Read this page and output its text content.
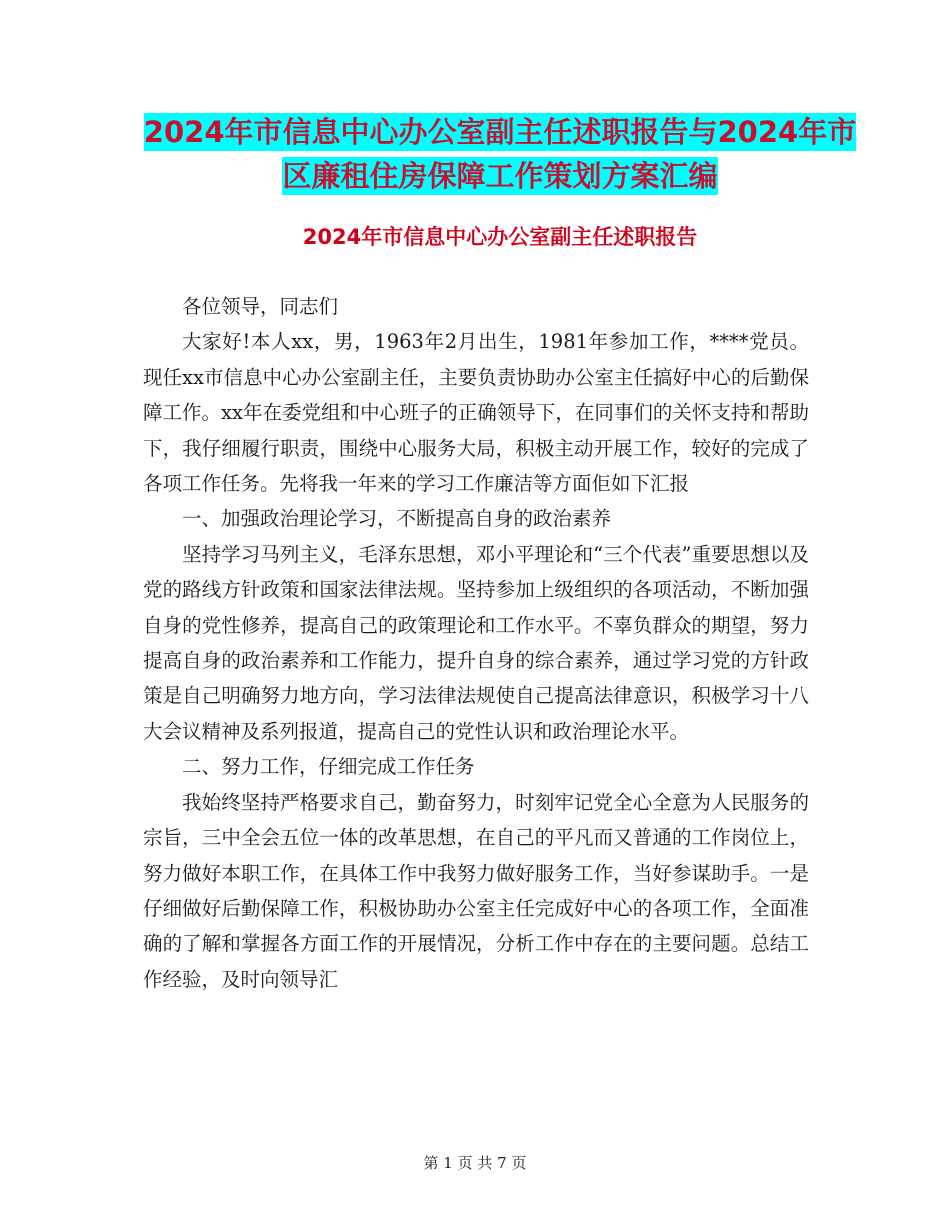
2024年市信息中心办公室副主任述职报告与2024年市
区廉租住房保障工作策划方案汇编
2024年市信息中心办公室副主任述职报告

各位领导，同志们

大家好!本人xx，男，1963年2月出生，1981年参加工作，****党员。现任xx市信息中心办公室副主任，主要负责协助办公室主任搞好中心的后勤保障工作。xx年在委党组和中心班子的正确领导下，在同事们的关怀支持和帮助下，我仔细履行职责，围绕中心服务大局，积极主动开展工作，较好的完成了各项工作任务。先将我一年来的学习工作廉洁等方面佢如下汇报

一、加强政治理论学习，不断提高自身的政治素养

坚持学习马列主义，毛泽东思想，邓小平理论和“三个代表”重要思想以及党的路线方针政策和国家法律法规。坚持参加上级组织的各项活动，不断加强自身的党性修养，提高自己的政策理论和工作水平。不辜负群众的期望，努力提高自身的政治素养和工作能力，提升自身的综合素养，通过学习党的方针政策是自己明确努力地方向，学习法律法规使自己提高法律意识，积极学习十八大会议精神及系列报道，提高自己的党性认识和政治理论水平。

二、努力工作，仔细完成工作任务

我始终坚持严格要求自己，勤奋努力，时刻牢记党全心全意为人民服务的宗旨，三中全会五位一体的改革思想，在自己的平凡而又普通的工作岗位上，努力做好本职工作，在具体工作中我努力做好服务工作，当好参谋助手。一是仔细做好后勤保障工作，积极协助办公室主任完成好中心的各项工作，全面准确的了解和掌握各方面工作的开展情况，分析工作中存在的主要问题。总结工作经验，及时向领导汇

第 1 页 共 7 页
